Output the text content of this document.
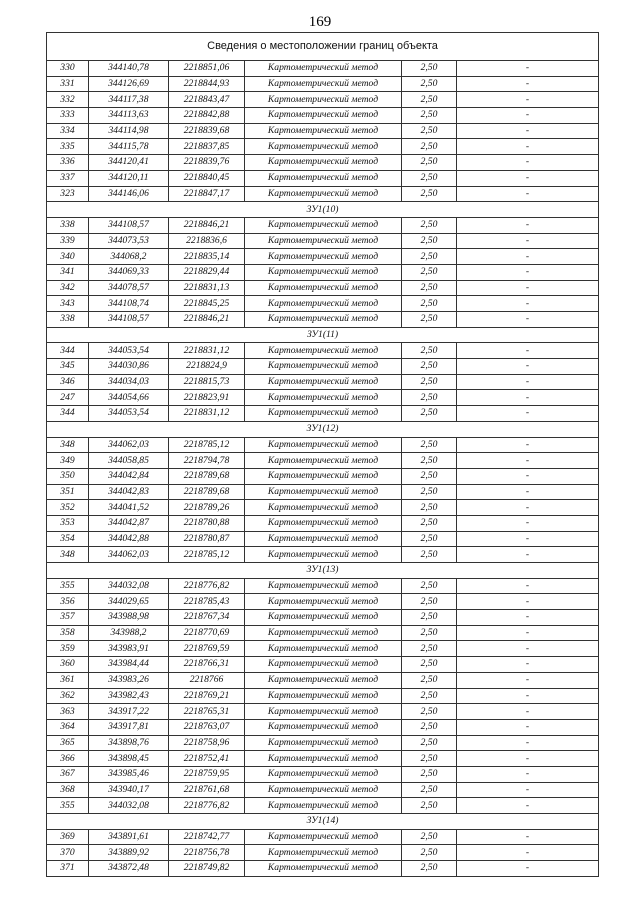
169
Сведения о местоположении границ объекта					
330	344140,78	2218851,06	Картометрический метод	2,50	-
331	344126,69	2218844,93	Картометрический метод	2,50	-
332	344117,38	2218843,47	Картометрический метод	2,50	-
333	344113,63	2218842,88	Картометрический метод	2,50	-
334	344114,98	2218839,68	Картометрический метод	2,50	-
335	344115,78	2218837,85	Картометрический метод	2,50	-
336	344120,41	2218839,76	Картометрический метод	2,50	-
337	344120,11	2218840,45	Картометрический метод	2,50	-
323	344146,06	2218847,17	Картометрический метод	2,50	-
ЗУ1(10)					
338	344108,57	2218846,21	Картометрический метод	2,50	-
339	344073,53	2218836,6	Картометрический метод	2,50	-
340	344068,2	2218835,14	Картометрический метод	2,50	-
341	344069,33	2218829,44	Картометрический метод	2,50	-
342	344078,57	2218831,13	Картометрический метод	2,50	-
343	344108,74	2218845,25	Картометрический метод	2,50	-
338	344108,57	2218846,21	Картометрический метод	2,50	-
ЗУ1(11)					
344	344053,54	2218831,12	Картометрический метод	2,50	-
345	344030,86	2218824,9	Картометрический метод	2,50	-
346	344034,03	2218815,73	Картометрический метод	2,50	-
247	344054,66	2218823,91	Картометрический метод	2,50	-
344	344053,54	2218831,12	Картометрический метод	2,50	-
ЗУ1(12)					
348	344062,03	2218785,12	Картометрический метод	2,50	-
349	344058,85	2218794,78	Картометрический метод	2,50	-
350	344042,84	2218789,68	Картометрический метод	2,50	-
351	344042,83	2218789,68	Картометрический метод	2,50	-
352	344041,52	2218789,26	Картометрический метод	2,50	-
353	344042,87	2218780,88	Картометрический метод	2,50	-
354	344042,88	2218780,87	Картометрический метод	2,50	-
348	344062,03	2218785,12	Картометрический метод	2,50	-
ЗУ1(13)					
355	344032,08	2218776,82	Картометрический метод	2,50	-
356	344029,65	2218785,43	Картометрический метод	2,50	-
357	343988,98	2218767,34	Картометрический метод	2,50	-
358	343988,2	2218770,69	Картометрический метод	2,50	-
359	343983,91	2218769,59	Картометрический метод	2,50	-
360	343984,44	2218766,31	Картометрический метод	2,50	-
361	343983,26	2218766	Картометрический метод	2,50	-
362	343982,43	2218769,21	Картометрический метод	2,50	-
363	343917,22	2218765,31	Картометрический метод	2,50	-
364	343917,81	2218763,07	Картометрический метод	2,50	-
365	343898,76	2218758,96	Картометрический метод	2,50	-
366	343898,45	2218752,41	Картометрический метод	2,50	-
367	343985,46	2218759,95	Картометрический метод	2,50	-
368	343940,17	2218761,68	Картометрический метод	2,50	-
355	344032,08	2218776,82	Картометрический метод	2,50	-
ЗУ1(14)					
369	343891,61	2218742,77	Картометрический метод	2,50	-
370	343889,92	2218756,78	Картометрический метод	2,50	-
371	343872,48	2218749,82	Картометрический метод	2,50	-
